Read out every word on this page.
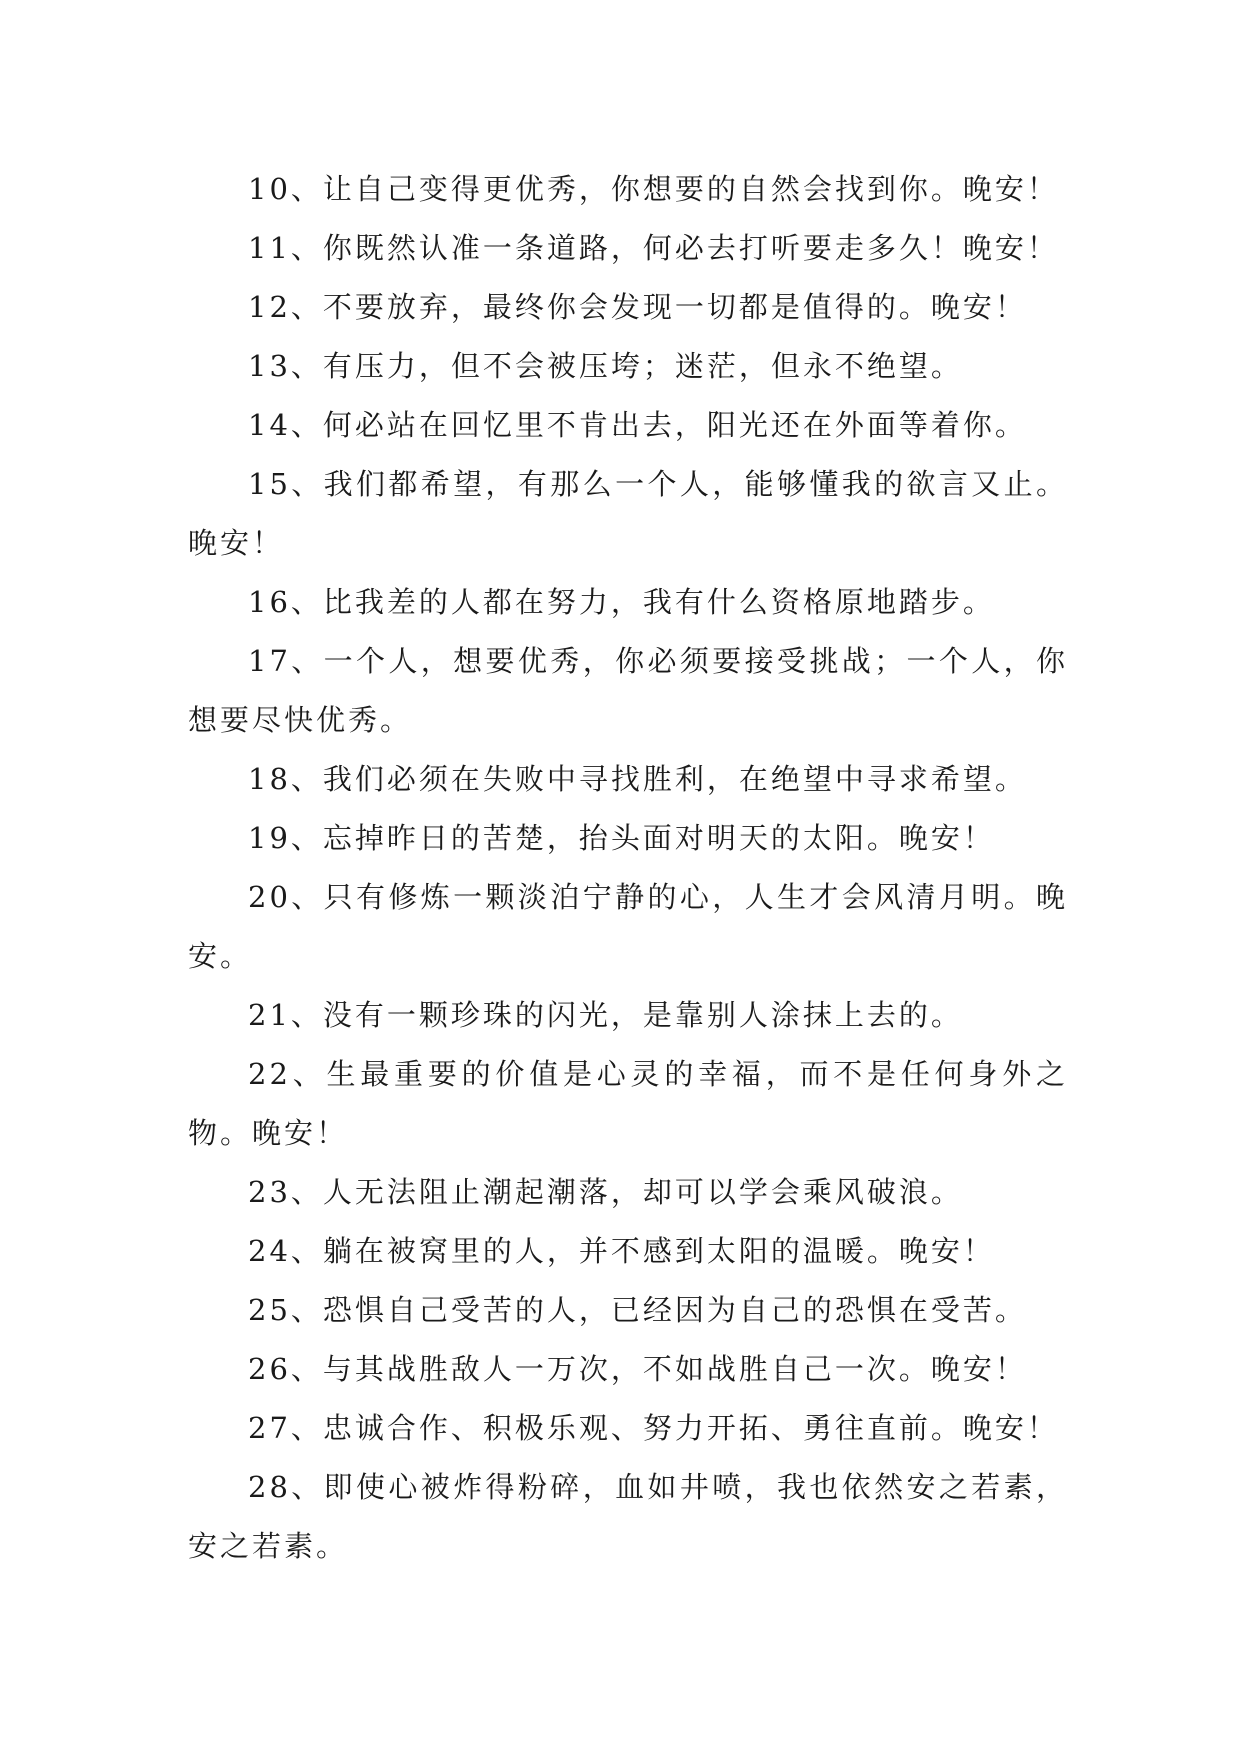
10、让自己变得更优秀，你想要的自然会找到你。晚安！

11、你既然认准一条道路，何必去打听要走多久！晚安！

12、不要放弃，最终你会发现一切都是值得的。晚安！

13、有压力，但不会被压垮；迷茫，但永不绝望。

14、何必站在回忆里不肯出去，阳光还在外面等着你。

15、我们都希望，有那么一个人，能够懂我的欲言又止。晚安！

16、比我差的人都在努力，我有什么资格原地踏步。

17、一个人，想要优秀，你必须要接受挑战；一个人，你想要尽快优秀。

18、我们必须在失败中寻找胜利，在绝望中寻求希望。

19、忘掉昨日的苦楚，抬头面对明天的太阳。晚安！

20、只有修炼一颗淡泊宁静的心，人生才会风清月明。晚安。

21、没有一颗珍珠的闪光，是靠别人涂抹上去的。

22、生最重要的价值是心灵的幸福，而不是任何身外之物。晚安！

23、人无法阻止潮起潮落，却可以学会乘风破浪。

24、躺在被窝里的人，并不感到太阳的温暖。晚安！

25、恐惧自己受苦的人，已经因为自己的恐惧在受苦。

26、与其战胜敌人一万次，不如战胜自己一次。晚安！

27、忠诚合作、积极乐观、努力开拓、勇往直前。晚安！

28、即使心被炸得粉碎，血如井喷，我也依然安之若素，安之若素。
